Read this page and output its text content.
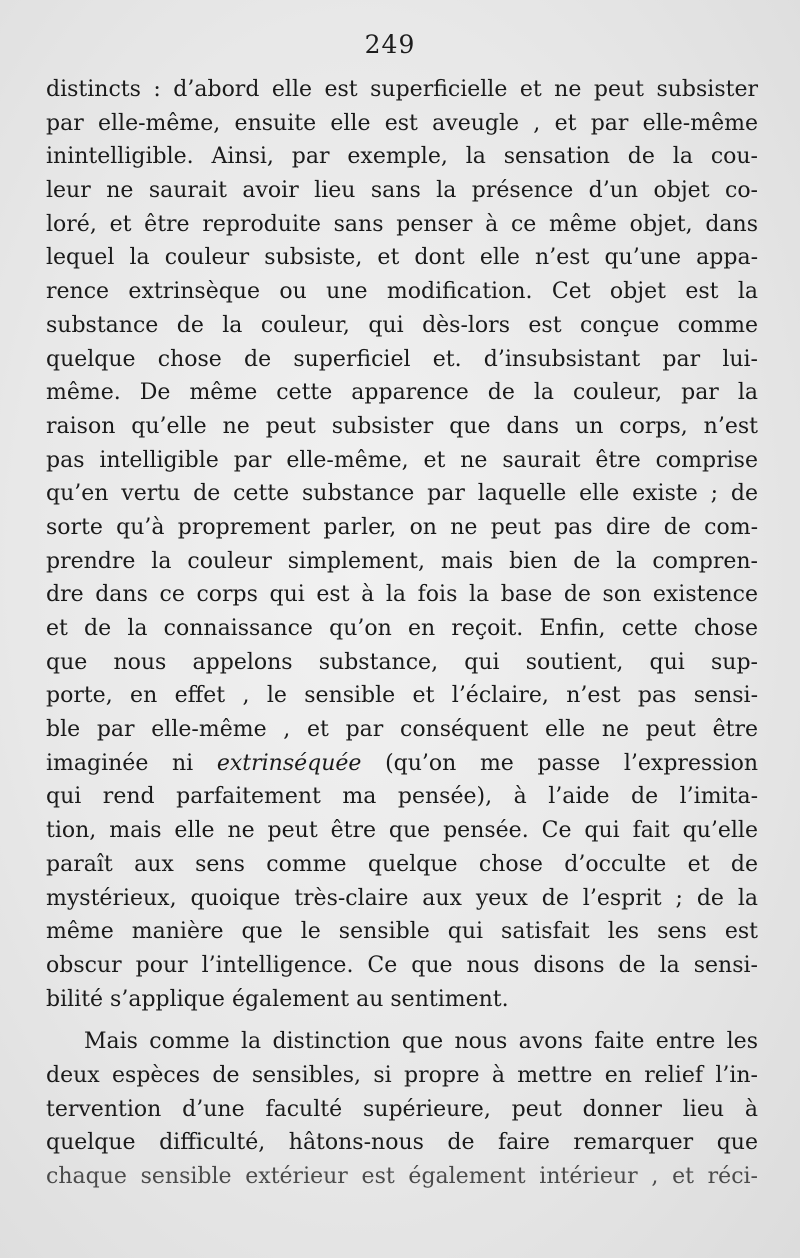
249
distincts : d’abord elle est superficielle et ne peut subsister
par elle-même, ensuite elle est aveugle , et par elle-même
inintelligible. Ainsi, par exemple, la sensation de la cou-
leur ne saurait avoir lieu sans la présence d’un objet co-
loré, et être reproduite sans penser à ce même objet, dans
lequel la couleur subsiste, et dont elle n’est qu’une appa-
rence extrinsèque ou une modification. Cet objet est la
substance de la couleur, qui dès-lors est conçue comme
quelque chose de superficiel et. d’insubsistant par lui-
même. De même cette apparence de la couleur, par la
raison qu’elle ne peut subsister que dans un corps, n’est
pas intelligible par elle-même, et ne saurait être comprise
qu’en vertu de cette substance par laquelle elle existe ; de
sorte qu’à proprement parler, on ne peut pas dire de com-
prendre la couleur simplement, mais bien de la compren-
dre dans ce corps qui est à la fois la base de son existence
et de la connaissance qu’on en reçoit. Enfin, cette chose
que nous appelons substance, qui soutient, qui sup-
porte, en effet , le sensible et l’éclaire, n’est pas sensi-
ble par elle-même , et par conséquent elle ne peut être
imaginée ni extrinséquée (qu’on me passe l’expression
qui rend parfaitement ma pensée), à l’aide de l’imita-
tion, mais elle ne peut être que pensée. Ce qui fait qu’elle
paraît aux sens comme quelque chose d’occulte et de
mystérieux, quoique très-claire aux yeux de l’esprit ; de la
même manière que le sensible qui satisfait les sens est
obscur pour l’intelligence. Ce que nous disons de la sensi-
bilité s’applique également au sentiment.
Mais comme la distinction que nous avons faite entre les
deux espèces de sensibles, si propre à mettre en relief l’in-
tervention d’une faculté supérieure, peut donner lieu à
quelque difficulté, hâtons-nous de faire remarquer que
chaque sensible extérieur est également intérieur , et réci-
